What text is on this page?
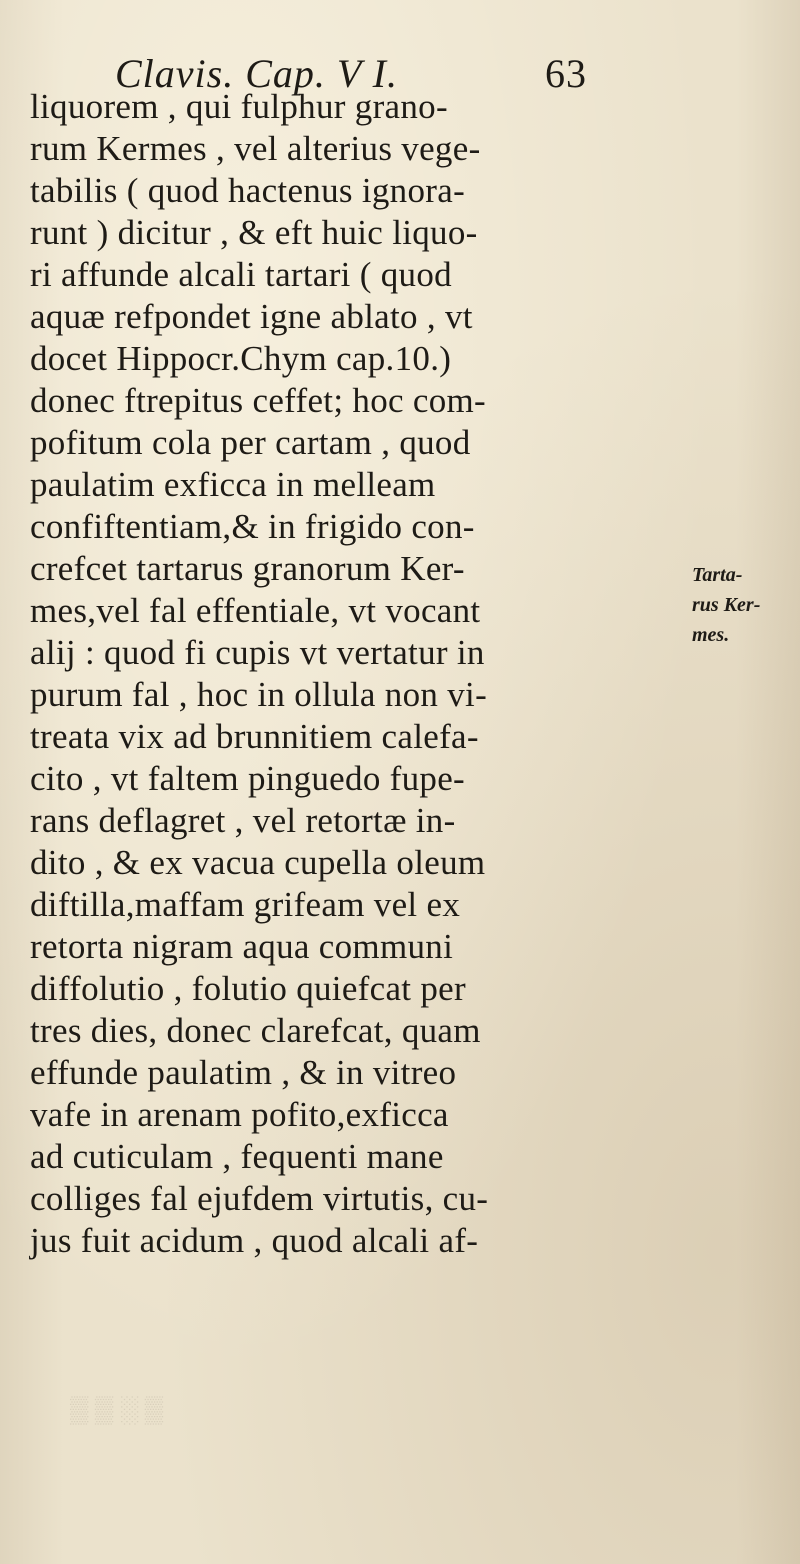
▒ ▒ ░ ▒
Clavis. Cap. V I.	63
liquorem , qui fulphur grano-
rum Kermes , vel alterius vege-
tabilis ( quod hactenus ignora-
runt ) dicitur , & eft huic liquo-
ri affunde alcali tartari ( quod
aquæ refpondet igne ablato , vt
docet Hippocr.Chym cap.10.)
donec ftrepitus ceffet; hoc com-
pofitum cola per cartam , quod
paulatim exficca in melleam
confiftentiam,& in frigido con-
crefcet tartarus granorum Ker-
mes,vel fal effentiale, vt vocant
alij : quod fi cupis vt vertatur in
purum fal , hoc in ollula non vi-
treata vix ad brunnitiem calefa-
cito , vt faltem pinguedo fupe-
rans deflagret , vel retortæ in-
dito , & ex vacua cupella oleum
diftilla,maffam grifeam vel ex
retorta nigram aqua communi
diffolutio , folutio quiefcat per
tres dies, donec clarefcat, quam
effunde paulatim , & in vitreo
vafe in arenam pofito,exficca
ad cuticulam , fequenti mane
colliges fal ejufdem virtutis, cu-
jus fuit acidum , quod alcali af-
Tarta-
rus Ker-
mes.
